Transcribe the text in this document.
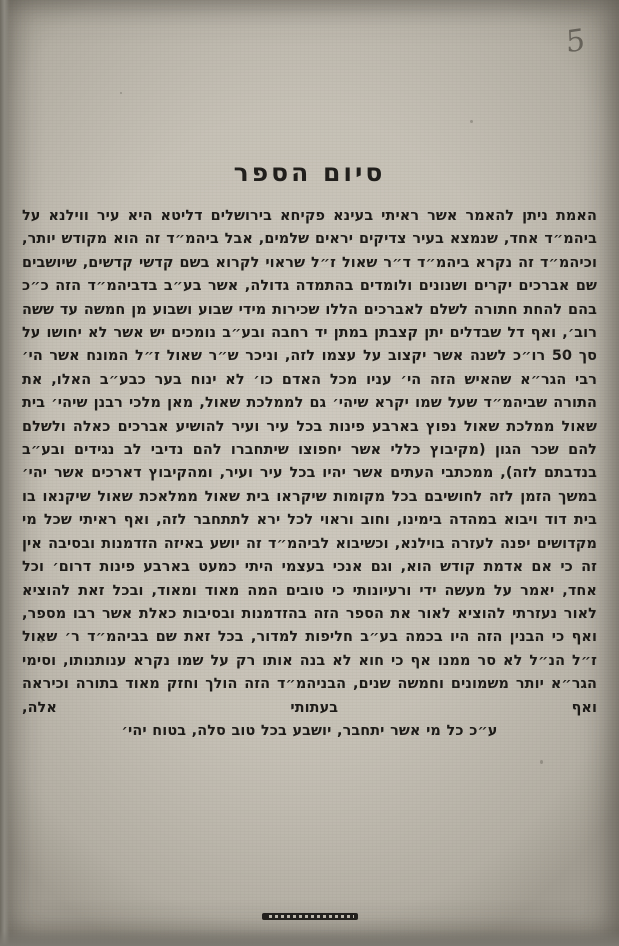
5
סיום הספר

האמת ניתן להאמר אשר ראיתי בעינא פקיחא בירושלים דליטא היא עיר ווילנא על ביהמ״ד אחד, שנמצא בעיר צדיקים יראים שלמים, אבל ביהמ״ד זה הוא מקודש יותר, וכיהמ״ד זה נקרא ביהמ״ד ד״ר שאול ז״ל שראוי לקרוא בשם קדשי קדשים, שיושבים שם אברכים יקרים ושנונים ולומדים בהתמדה גדולה, אשר בע״ב בדביהמ״ד הזה כ״כ בהם להחת חתורה לשלם לאברכים הללו שכירות מידי שבוע ושבוע מן חמשה עד ששה רוב׳, ואף דל שבדלים יתן קצבתן במתן יד רחבה ובע״ב נומכים יש אשר לא יחושו על סך 50 רו״כ לשנה אשר יקצוב על עצמו לזה, וניכר ש״ר שאול ז״ל המונח אשר הי׳ רבי הגר״א שהאיש הזה הי׳ עניו מכל האדם כו׳ לא ינוח בער כבע״ב האלו, את התורה שביהמ״ד שעל שמו יקרא שיהי׳ גם לממלכת שאול, מאן מלכי רבנן שיהי׳ בית שאול ממלכת שאול נפוץ בארבע פינות בכל עיר ועיר להושיע אברכים כאלה ולשלם להם שכר הגון (מקיבוץ כללי אשר יחפוצו שיתחברו להם נדיבי לב נגידים ובע״ב בנדבתם לזה), ממכתבי העתים אשר יהיו בכל עיר ועיר, ומהקיבוץ דארכים אשר יהי׳ במשך הזמן לזה לחושיבם בכל מקומות שיקראו בית שאול ממלאכת שאול שיקנאו בו בית דוד ויבוא במהדה בימינו, וחוב וראוי לכל ירא לתתחבר לזה, ואף ראיתי שכל מי מקדושים יפנה לעזרה בוילנא, וכשיבוא לביהמ״ד זה יושע באיזה הזדמנות ובסיבה אין זה כי אם אדמת קודש הוא, וגם אנכי בעצמי היתי כמעט בארבע פינות דרום׳ וכל אחד, יאמר על מעשה ידי ורעיונותי כי טובים המה מאוד ומאוד, ובכל זאת להוציא לאור נעזרתי להוציא לאור את הספר הזה בהזדמנות ובסיבות כאלת אשר רבו מספר, ואף כי הבנין הזה היו בכמה בע״ב חליפות למדור, בכל זאת שם בביהמ״ד ר׳ שאול ז״ל הנ״ל לא סר ממנו אף כי חוא לא בנה אותו רק על שמו נקרא ענותנותו, וסימי הגר״א יותר משמונים וחמשה שנים, הבניהמ״ד הזה הולך וחזק מאוד בתורה וכיראה ואף בעתותי אלה,

ע״כ כל מי אשר יתחבר, יושבע בכל טוב סלה, בטוח יהי׳
